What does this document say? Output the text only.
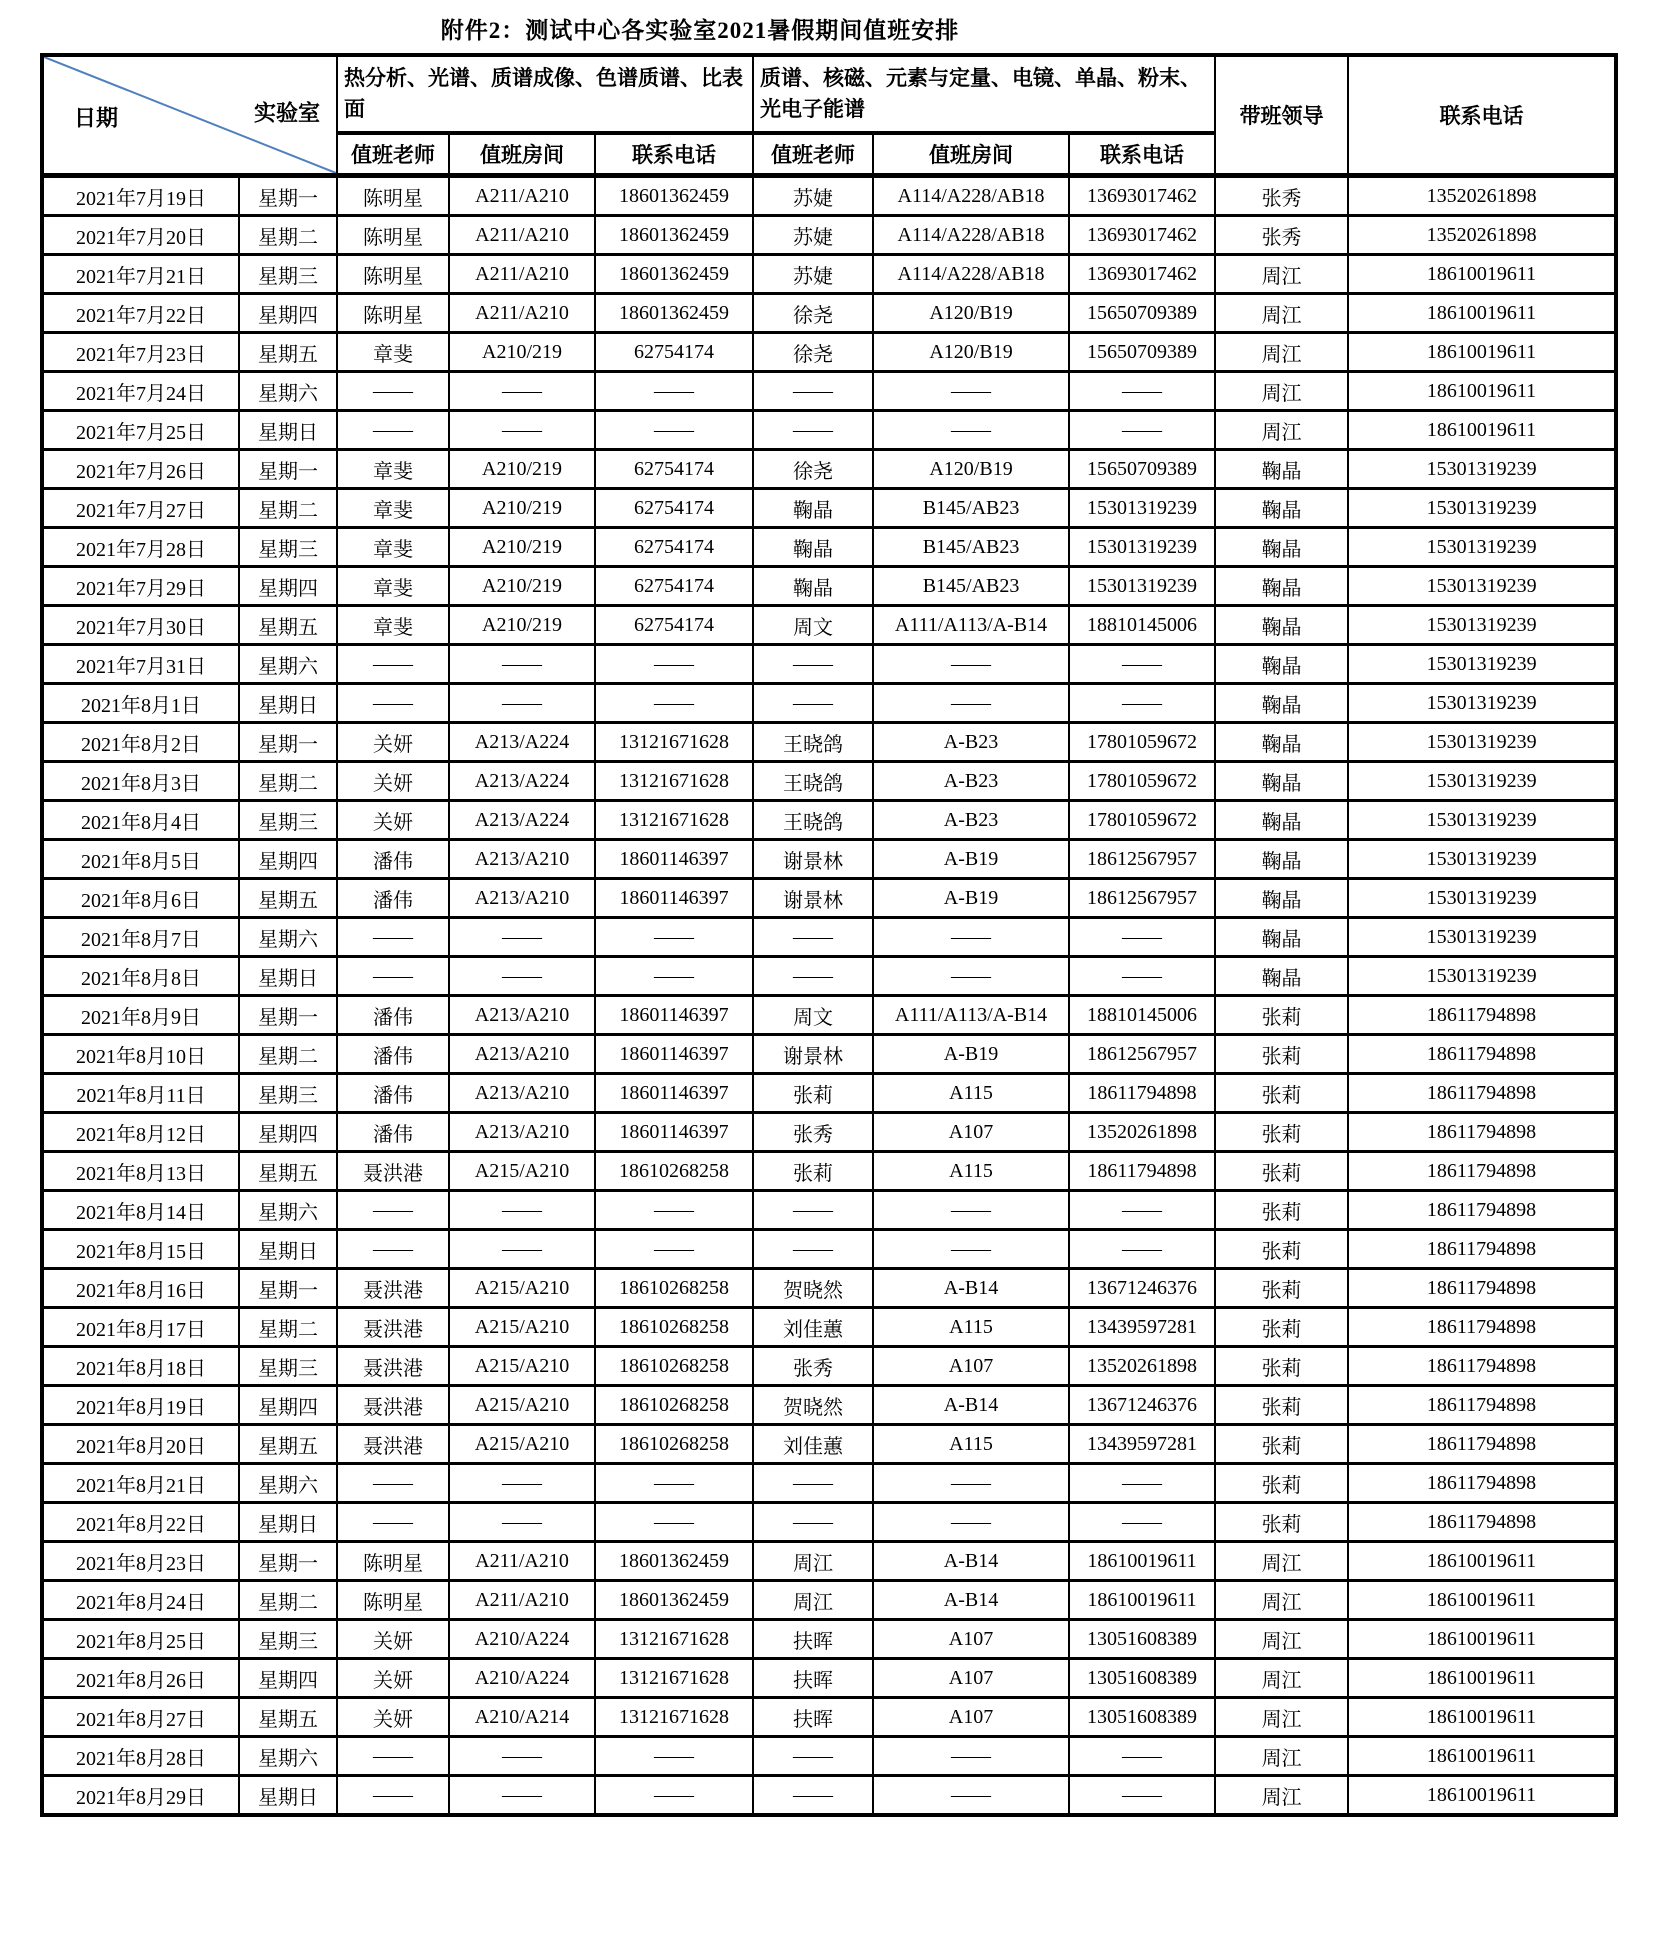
附件2：测试中心各实验室2021暑假期间值班安排
日期 实验室		热分析、光谱、质谱成像、色谱质谱、比表面			质谱、核磁、元素与定量、电镜、单晶、粉末、光电子能谱			带班领导	联系电话
		值班老师	值班房间	联系电话	值班老师	值班房间	联系电话		
2021年7月19日	星期一	陈明星	A211/A210	18601362459	苏婕	A114/A228/AB18	13693017462	张秀	13520261898
2021年7月20日	星期二	陈明星	A211/A210	18601362459	苏婕	A114/A228/AB18	13693017462	张秀	13520261898
2021年7月21日	星期三	陈明星	A211/A210	18601362459	苏婕	A114/A228/AB18	13693017462	周江	18610019611
2021年7月22日	星期四	陈明星	A211/A210	18601362459	徐尧	A120/B19	15650709389	周江	18610019611
2021年7月23日	星期五	章斐	A210/219	62754174	徐尧	A120/B19	15650709389	周江	18610019611
2021年7月24日	星期六	——	——	——	——	——	——	周江	18610019611
2021年7月25日	星期日	——	——	——	——	——	——	周江	18610019611
2021年7月26日	星期一	章斐	A210/219	62754174	徐尧	A120/B19	15650709389	鞠晶	15301319239
2021年7月27日	星期二	章斐	A210/219	62754174	鞠晶	B145/AB23	15301319239	鞠晶	15301319239
2021年7月28日	星期三	章斐	A210/219	62754174	鞠晶	B145/AB23	15301319239	鞠晶	15301319239
2021年7月29日	星期四	章斐	A210/219	62754174	鞠晶	B145/AB23	15301319239	鞠晶	15301319239
2021年7月30日	星期五	章斐	A210/219	62754174	周文	A111/A113/A-B14	18810145006	鞠晶	15301319239
2021年7月31日	星期六	——	——	——	——	——	——	鞠晶	15301319239
2021年8月1日	星期日	——	——	——	——	——	——	鞠晶	15301319239
2021年8月2日	星期一	关妍	A213/A224	13121671628	王晓鸽	A-B23	17801059672	鞠晶	15301319239
2021年8月3日	星期二	关妍	A213/A224	13121671628	王晓鸽	A-B23	17801059672	鞠晶	15301319239
2021年8月4日	星期三	关妍	A213/A224	13121671628	王晓鸽	A-B23	17801059672	鞠晶	15301319239
2021年8月5日	星期四	潘伟	A213/A210	18601146397	谢景林	A-B19	18612567957	鞠晶	15301319239
2021年8月6日	星期五	潘伟	A213/A210	18601146397	谢景林	A-B19	18612567957	鞠晶	15301319239
2021年8月7日	星期六	——	——	——	——	——	——	鞠晶	15301319239
2021年8月8日	星期日	——	——	——	——	——	——	鞠晶	15301319239
2021年8月9日	星期一	潘伟	A213/A210	18601146397	周文	A111/A113/A-B14	18810145006	张莉	18611794898
2021年8月10日	星期二	潘伟	A213/A210	18601146397	谢景林	A-B19	18612567957	张莉	18611794898
2021年8月11日	星期三	潘伟	A213/A210	18601146397	张莉	A115	18611794898	张莉	18611794898
2021年8月12日	星期四	潘伟	A213/A210	18601146397	张秀	A107	13520261898	张莉	18611794898
2021年8月13日	星期五	聂洪港	A215/A210	18610268258	张莉	A115	18611794898	张莉	18611794898
2021年8月14日	星期六	——	——	——	——	——	——	张莉	18611794898
2021年8月15日	星期日	——	——	——	——	——	——	张莉	18611794898
2021年8月16日	星期一	聂洪港	A215/A210	18610268258	贺晓然	A-B14	13671246376	张莉	18611794898
2021年8月17日	星期二	聂洪港	A215/A210	18610268258	刘佳蕙	A115	13439597281	张莉	18611794898
2021年8月18日	星期三	聂洪港	A215/A210	18610268258	张秀	A107	13520261898	张莉	18611794898
2021年8月19日	星期四	聂洪港	A215/A210	18610268258	贺晓然	A-B14	13671246376	张莉	18611794898
2021年8月20日	星期五	聂洪港	A215/A210	18610268258	刘佳蕙	A115	13439597281	张莉	18611794898
2021年8月21日	星期六	——	——	——	——	——	——	张莉	18611794898
2021年8月22日	星期日	——	——	——	——	——	——	张莉	18611794898
2021年8月23日	星期一	陈明星	A211/A210	18601362459	周江	A-B14	18610019611	周江	18610019611
2021年8月24日	星期二	陈明星	A211/A210	18601362459	周江	A-B14	18610019611	周江	18610019611
2021年8月25日	星期三	关妍	A210/A224	13121671628	扶晖	A107	13051608389	周江	18610019611
2021年8月26日	星期四	关妍	A210/A224	13121671628	扶晖	A107	13051608389	周江	18610019611
2021年8月27日	星期五	关妍	A210/A214	13121671628	扶晖	A107	13051608389	周江	18610019611
2021年8月28日	星期六	——	——	——	——	——	——	周江	18610019611
2021年8月29日	星期日	——	——	——	——	——	——	周江	18610019611
